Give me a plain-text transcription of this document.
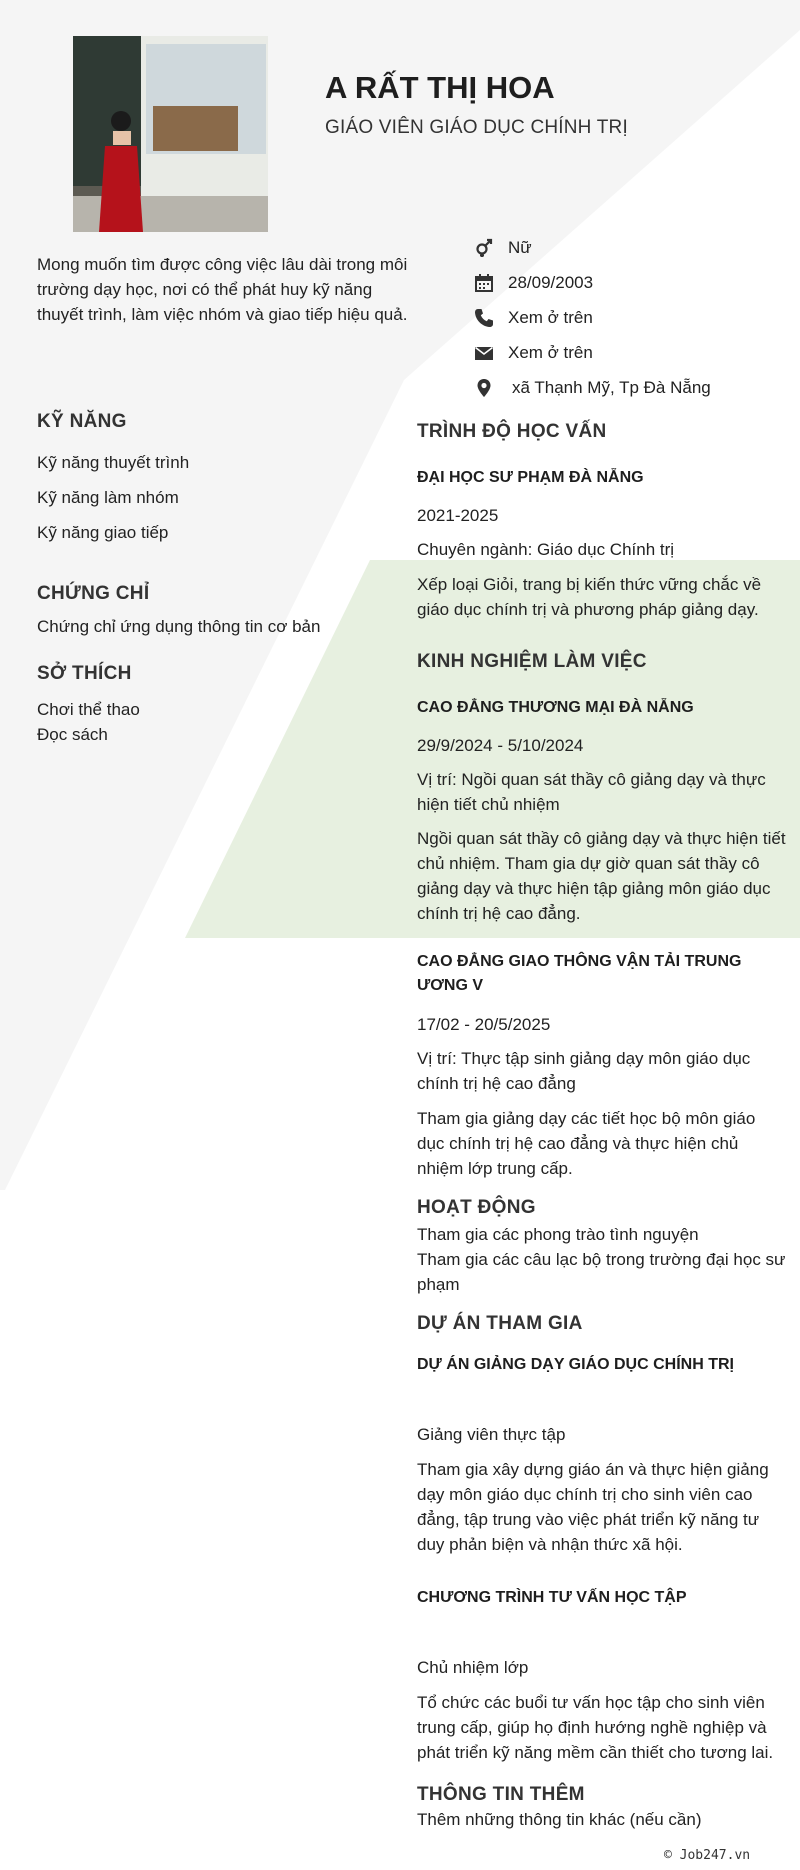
A RẤT THỊ HOA
GIÁO VIÊN GIÁO DỤC CHÍNH TRỊ
Mong muốn tìm được công việc lâu dài trong môi trường dạy học, nơi có thể phát huy kỹ năng thuyết trình, làm việc nhóm và giao tiếp hiệu quả.
Nữ
28/09/2003
Xem ở trên
Xem ở trên
xã Thạnh Mỹ, Tp Đà Nẵng
KỸ NĂNG
Kỹ năng thuyết trình
Kỹ năng làm nhóm
Kỹ năng giao tiếp
CHỨNG CHỈ
Chứng chỉ ứng dụng thông tin cơ bản
SỞ THÍCH
Chơi thể thao
Đọc sách
TRÌNH ĐỘ HỌC VẤN
ĐẠI HỌC SƯ PHẠM ĐÀ NẴNG
2021-2025
Chuyên ngành: Giáo dục Chính trị
Xếp loại Giỏi, trang bị kiến thức vững chắc về giáo dục chính trị và phương pháp giảng dạy.
KINH NGHIỆM LÀM VIỆC
CAO ĐẲNG THƯƠNG MẠI ĐÀ NẴNG
29/9/2024 - 5/10/2024
Vị trí: Ngồi quan sát thầy cô giảng dạy và thực hiện tiết chủ nhiệm
Ngồi quan sát thầy cô giảng dạy và thực hiện tiết chủ nhiệm. Tham gia dự giờ quan sát thầy cô giảng dạy và thực hiện tập giảng môn giáo dục chính trị hệ cao đẳng.
CAO ĐẲNG GIAO THÔNG VẬN TẢI TRUNG ƯƠNG V
17/02 - 20/5/2025
Vị trí: Thực tập sinh giảng dạy môn giáo dục chính trị hệ cao đẳng
Tham gia giảng dạy các tiết học bộ môn giáo dục chính trị hệ cao đẳng và thực hiện chủ nhiệm lớp trung cấp.
HOẠT ĐỘNG
Tham gia các phong trào tình nguyện
Tham gia các câu lạc bộ trong trường đại học sư phạm
DỰ ÁN THAM GIA
DỰ ÁN GIẢNG DẠY GIÁO DỤC CHÍNH TRỊ
Giảng viên thực tập
Tham gia xây dựng giáo án và thực hiện giảng dạy môn giáo dục chính trị cho sinh viên cao đẳng, tập trung vào việc phát triển kỹ năng tư duy phản biện và nhận thức xã hội.
CHƯƠNG TRÌNH TƯ VẤN HỌC TẬP
Chủ nhiệm lớp
Tổ chức các buổi tư vấn học tập cho sinh viên trung cấp, giúp họ định hướng nghề nghiệp và phát triển kỹ năng mềm cần thiết cho tương lai.
THÔNG TIN THÊM
Thêm những thông tin khác (nếu cần)
© Job247.vn
